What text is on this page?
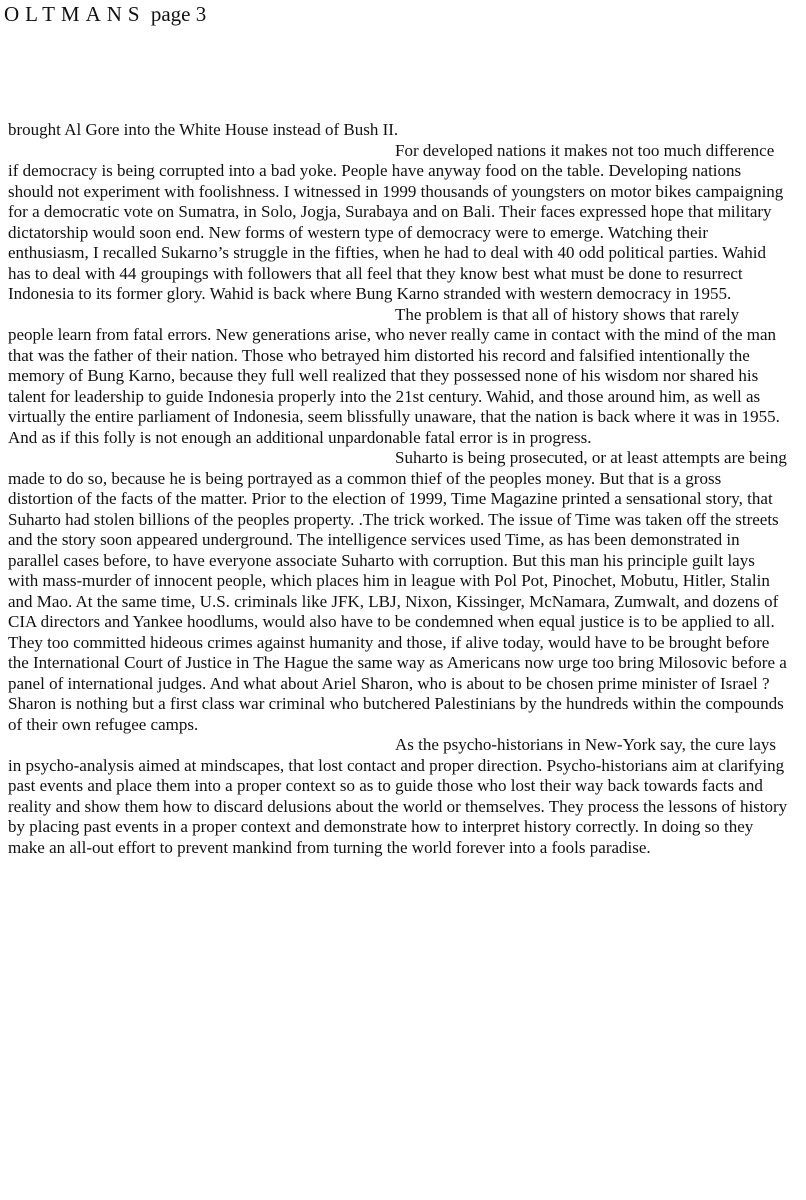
OLTMANS page 3

brought Al Gore into the White House instead of Bush II.

For developed nations it makes not too much difference if democracy is being corrupted into a bad yoke. People have anyway food on the table. Developing nations should not experiment with foolishness. I witnessed in 1999 thousands of youngsters on motor bikes campaigning for a democratic vote on Sumatra, in Solo, Jogja, Surabaya and on Bali. Their faces expressed hope that military dictatorship would soon end. New forms of western type of democracy were to emerge. Watching their enthusiasm, I recalled Sukarno’s struggle in the fifties, when he had to deal with 40 odd political parties. Wahid has to deal with 44 groupings with followers that all feel that they know best what must be done to resurrect Indonesia to its former glory. Wahid is back where Bung Karno stranded with western democracy in 1955.

The problem is that all of history shows that rarely people learn from fatal errors. New generations arise, who never really came in contact with the mind of the man that was the father of their nation. Those who betrayed him distorted his record and falsified intentionally the memory of Bung Karno, because they full well realized that they possessed none of his wisdom nor shared his talent for leadership to guide Indonesia properly into the 21st century. Wahid, and those around him, as well as virtually the entire parliament of Indonesia, seem blissfully unaware, that the nation is back where it was in 1955. And as if this folly is not enough an additional unpardonable fatal error is in progress.

Suharto is being prosecuted, or at least attempts are being made to do so, because he is being portrayed as a common thief of the peoples money. But that is a gross distortion of the facts of the matter. Prior to the election of 1999, Time Magazine printed a sensational story, that Suharto had stolen billions of the peoples property. .The trick worked. The issue of Time was taken off the streets and the story soon appeared underground. The intelligence services used Time, as has been demonstrated in parallel cases before, to have everyone associate Suharto with corruption. But this man his principle guilt lays with mass-murder of innocent people, which places him in league with Pol Pot, Pinochet, Mobutu, Hitler, Stalin and Mao. At the same time, U.S. criminals like JFK, LBJ, Nixon, Kissinger, McNamara, Zumwalt, and dozens of CIA directors and Yankee hoodlums, would also have to be condemned when equal justice is to be applied to all. They too committed hideous crimes against humanity and those, if alive today, would have to be brought before the International Court of Justice in The Hague the same way as Americans now urge too bring Milosovic before a panel of international judges. And what about Ariel Sharon, who is about to be chosen prime minister of Israel ? Sharon is nothing but a first class war criminal who butchered Palestinians by the hundreds within the compounds of their own refugee camps.

As the psycho-historians in New-York say, the cure lays in psycho-analysis aimed at mindscapes, that lost contact and proper direction. Psycho-historians aim at clarifying past events and place them into a proper context so as to guide those who lost their way back towards facts and reality and show them how to discard delusions about the world or themselves. They process the lessons of history by placing past events in a proper context and demonstrate how to interpret history correctly. In doing so they make an all-out effort to prevent mankind from turning the world forever into a fools paradise.
